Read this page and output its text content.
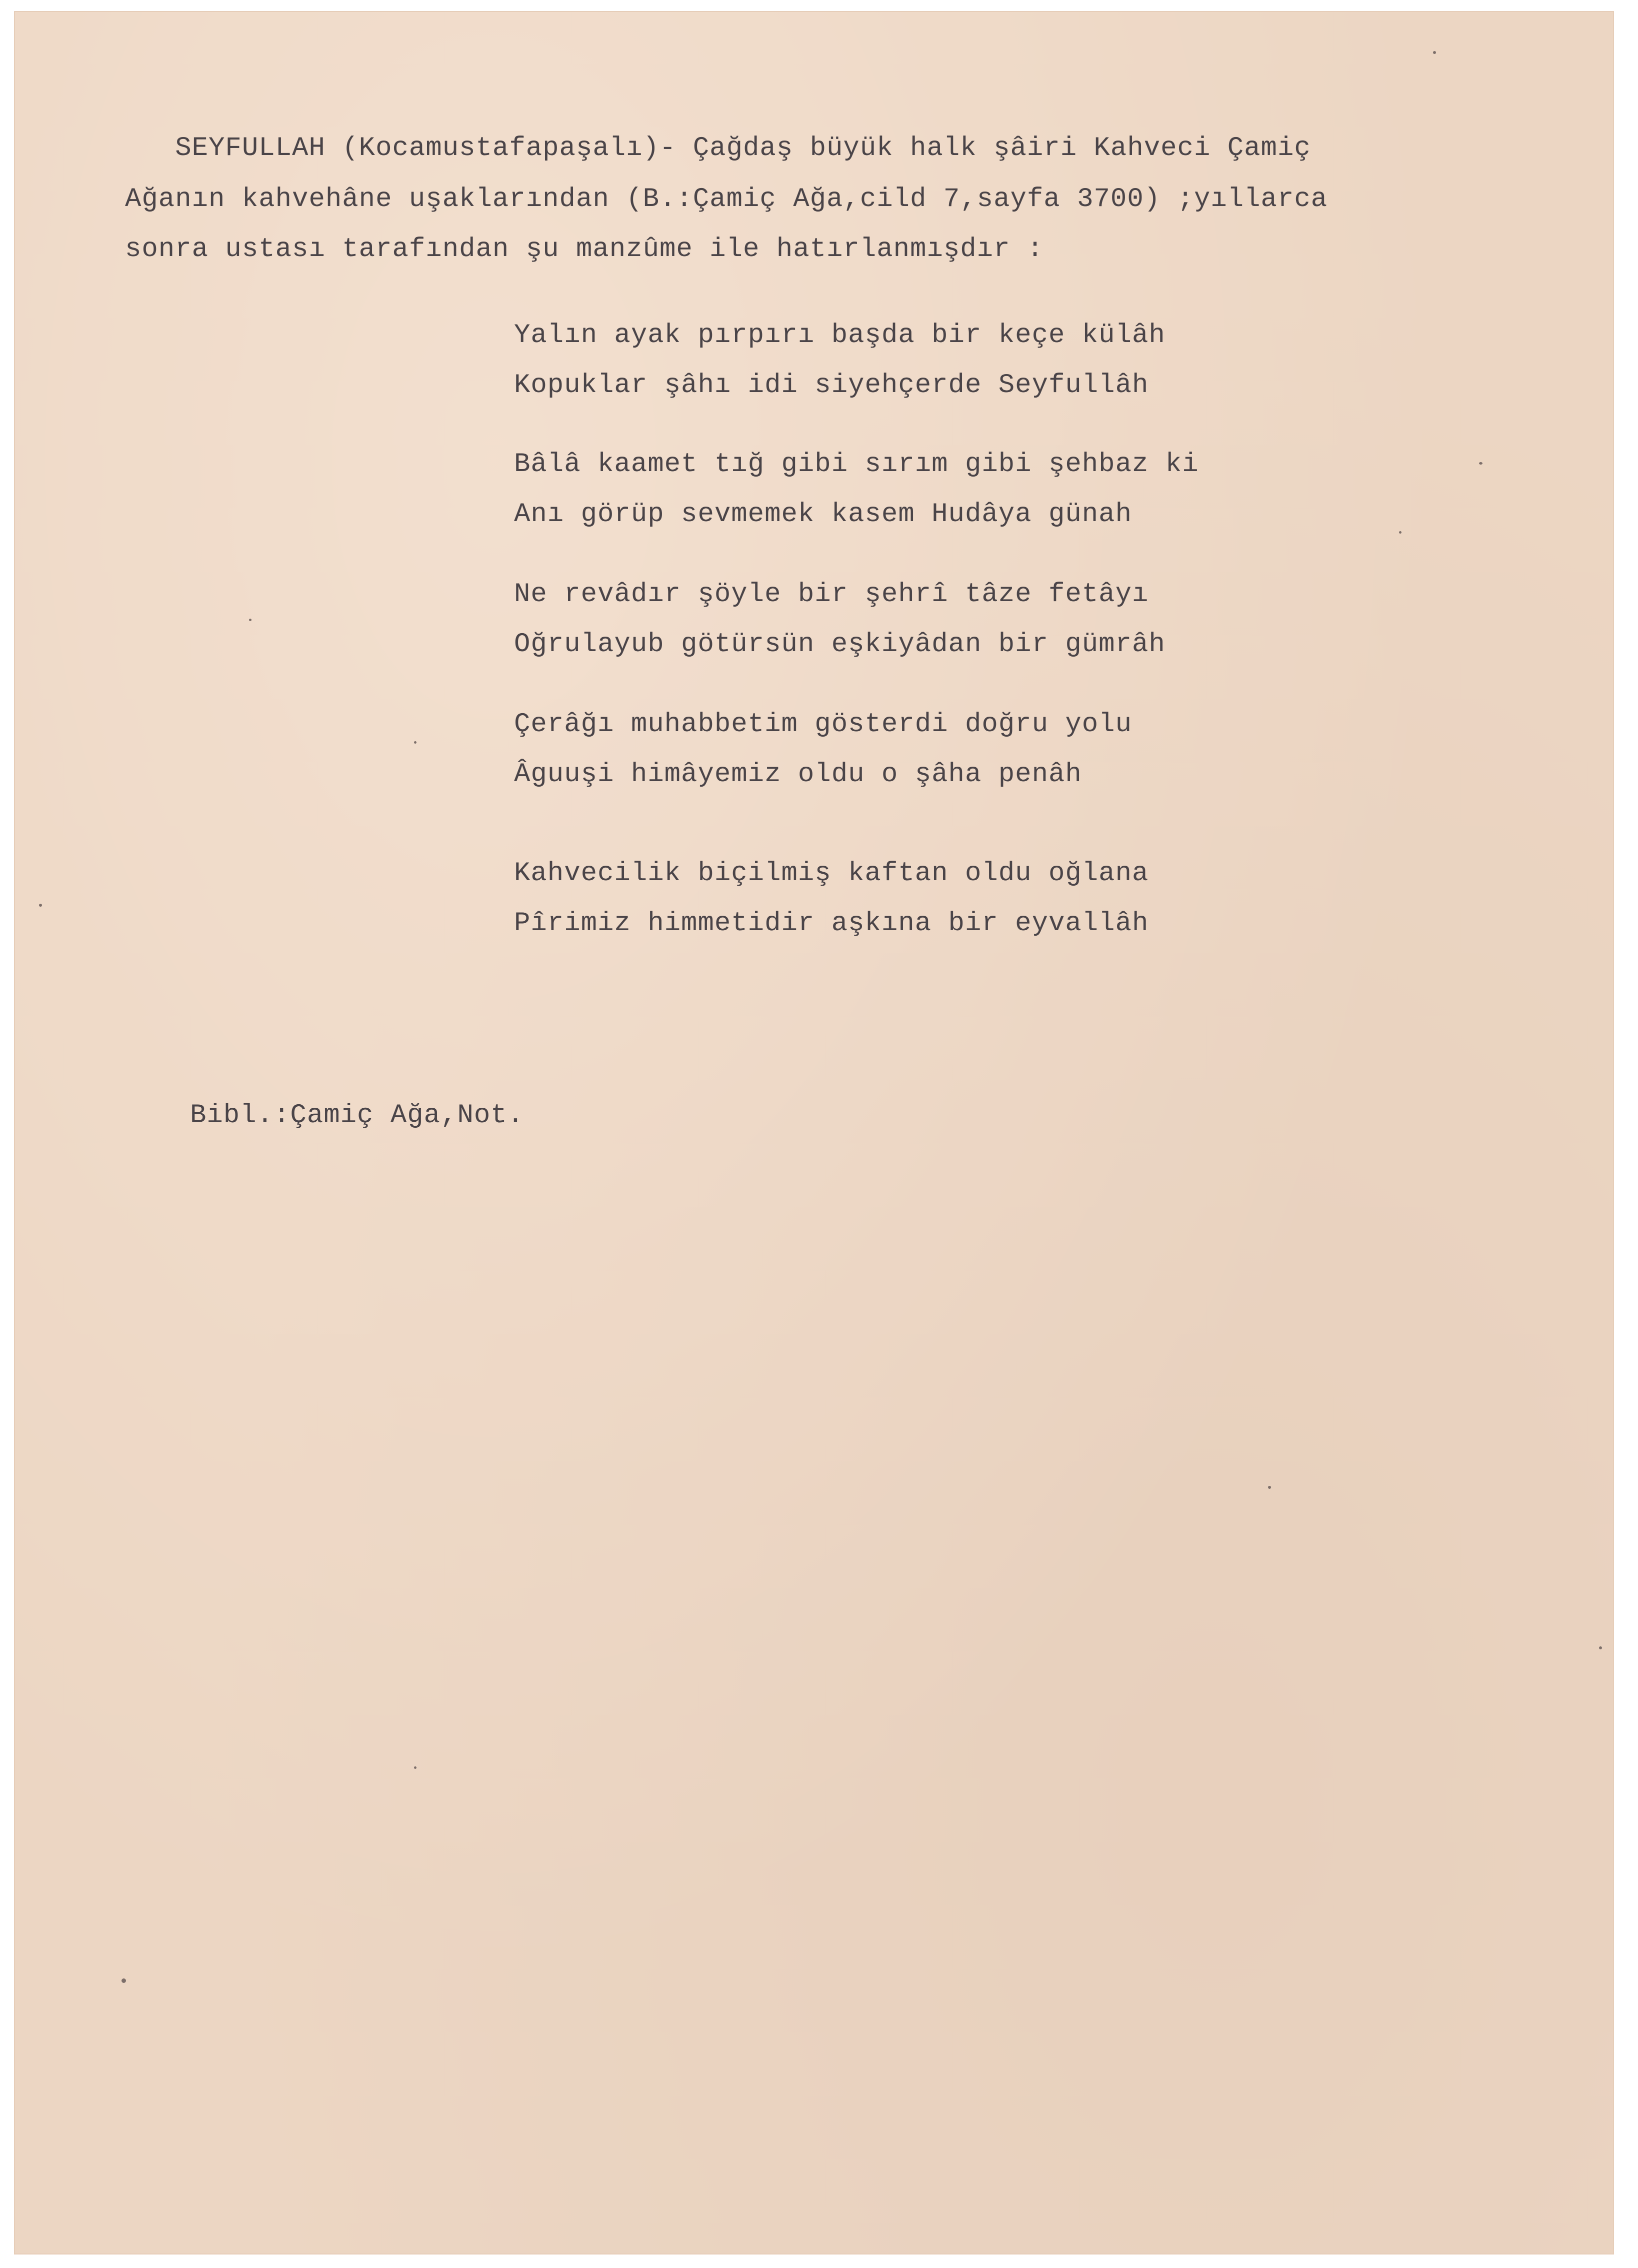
SEYFULLAH (Kocamustafapaşalı)- Çağdaş büyük halk şâiri Kahveci Çamiç
Ağanın kahvehâne uşaklarından (B.:Çamiç Ağa,cild 7,sayfa 3700) ;yıllarca
sonra ustası tarafından şu manzûme ile hatırlanmışdır :
Yalın ayak pırpırı başda bir keçe külâh
Kopuklar şâhı idi siyehçerde Seyfullâh
Bâlâ kaamet tığ gibi sırım gibi şehbaz ki
Anı görüp sevmemek kasem Hudâya günah
Ne revâdır şöyle bir şehrî tâze fetâyı
Oğrulayub götürsün eşkiyâdan bir gümrâh
Çerâğı muhabbetim gösterdi doğru yolu
Âguuşi himâyemiz oldu o şâha penâh
Kahvecilik biçilmiş kaftan oldu oğlana
Pîrimiz himmetidir aşkına bir eyvallâh
Bibl.:Çamiç Ağa,Not.
